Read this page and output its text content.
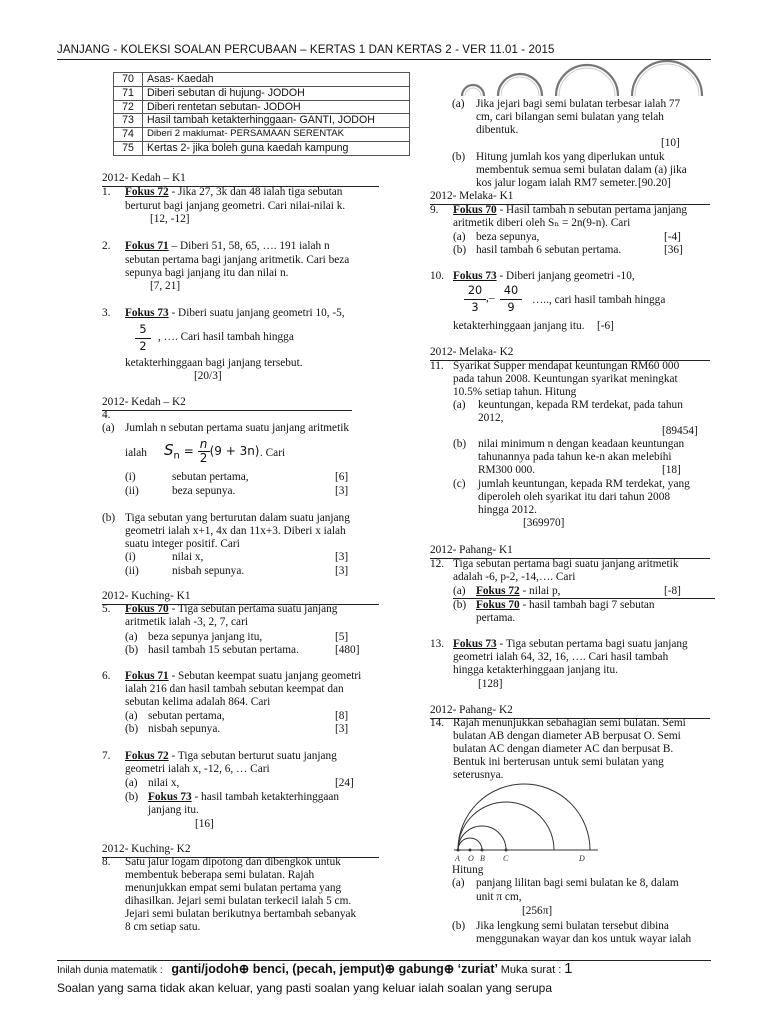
JANJANG - KOLEKSI SOALAN PERCUBAAN – KERTAS 1 DAN KERTAS 2 - VER 11.01 - 2015
70	Asas- Kaedah
71	Diberi sebutan di hujung- JODOH
72	Diberi rentetan sebutan- JODOH
73	Hasil tambah ketakterhinggaan- GANTI, JODOH
74	Diberi 2 maklumat- PERSAMAAN SERENTAK
75	Kertas 2- jika boleh guna kaedah kampung
2012- Kedah – K1
1. Fokus 72 - Jika 27, 3k dan 48 ialah tiga sebutan
berturut bagi janjang geometri. Cari nilai-nilai k.
[12, -12]
2. Fokus 71 – Diberi 51, 58, 65, …. 191 ialah n
sebutan pertama bagi janjang aritmetik. Cari beza
sepunya bagi janjang itu dan nilai n.
[7, 21]
3. Fokus 73 - Diberi suatu janjang geometri 10, -5,
$\frac{5}{2}$ , …. Cari hasil tambah hingga
ketakterhinggaan bagi janjang tersebut.
[20/3]
2012- Kedah – K2
4.
(a) Jumlah n sebutan pertama suatu janjang aritmetik
ialah $S_n = \frac{n}{2} (9 + 3n)$ . Cari
(i)	sebutan pertama,	[6]
(ii)	beza sepunya.	[3]
(b) Tiga sebutan yang berturutan dalam suatu janjang
geometri ialah x+1, 4x dan 11x+3. Diberi x ialah
suatu integer positif. Cari
(i)	nilai x,	[3]
(ii)	nisbah sepunya.	[3]
2012- Kuching- K1
5. Fokus 70 - Tiga sebutan pertama suatu janjang
aritmetik ialah -3, 2, 7, cari
(a) beza sepunya janjang itu,	[5]
(b) hasil tambah 15 sebutan pertama.	[480]
6. Fokus 71 - Sebutan keempat suatu janjang geometri
ialah 216 dan hasil tambah sebutan keempat dan
sebutan kelima adalah 864. Cari
(a) sebutan pertama,	[8]
(b) nisbah sepunya.	[3]
7. Fokus 72 - Tiga sebutan berturut suatu janjang
geometri ialah x, -12, 6, … Cari
(a) nilai x,	[24]
(b) Fokus 73 - hasil tambah ketakterhinggaan
janjang itu.
[16]
2012- Kuching- K2
8. Satu jalur logam dipotong dan dibengkok untuk
membentuk beberapa semi bulatan. Rajah
menunjukkan empat semi bulatan pertama yang
dihasilkan. Jejari semi bulatan terkecil ialah 5 cm.
Jejari semi bulatan berikutnya bertambah sebanyak
8 cm setiap satu.
(a)	Jika jejari bagi semi bulatan terbesar ialah 77
cm, cari bilangan semi bulatan yang telah
dibentuk.
[10]
(b) Hitung jumlah kos yang diperlukan untuk
membentuk semua semi bulatan dalam (a) jika
kos jalur logam ialah RM7 semeter. [90.20]
2012- Melaka- K1
9. Fokus 70 - Hasil tambah n sebutan pertama janjang
aritmetik diberi oleh Sₙ = 2n(9-n). Cari
(a) beza sepunya,	[-4]
(b) hasil tambah 6 sebutan pertama.	[36]
10. Fokus 73 - Diberi janjang geometri -10,
$\frac{20}{3}$ ,– $\frac{40}{9}$ ….., cari hasil tambah hingga
ketakterhinggaan janjang itu. [-6]
2012- Melaka- K2
11. Syarikat Supper mendapat keuntungan RM60 000
pada tahun 2008. Keuntungan syarikat meningkat
10.5% setiap tahun. Hitung
(a) keuntungan, kepada RM terdekat, pada tahun
2012,
[89454]
(b) nilai minimum n dengan keadaan keuntungan
tahunannya pada tahun ke-n akan melebihi
RM300 000.	[18]
(c) jumlah keuntungan, kepada RM terdekat, yang
diperoleh oleh syarikat itu dari tahun 2008
hingga 2012.
[369970]
2012- Pahang- K1
12. Tiga sebutan pertama bagi suatu janjang aritmetik
adalah -6, p-2, -14,…. Cari
(a) Fokus 72 - nilai p,	[-8]
(b) Fokus 70 - hasil tambah bagi 7 sebutan
pertama.
13. Fokus 73 - Tiga sebutan pertama bagi suatu janjang
geometri ialah 64, 32, 16, …. Cari hasil tambah
hingga ketakterhinggaan janjang itu.
[128]
2012- Pahang- K2
14. Rajah menunjukkan sebahagian semi bulatan. Semi
bulatan AB dengan diameter AB berpusat O. Semi
bulatan AC dengan diameter AC dan berpusat B.
Bentuk ini berterusan untuk semi bulatan yang
seterusnya.
A O B C	D
Hitung
(a) panjang lilitan bagi semi bulatan ke 8, dalam
unit π cm,
[256π]
(b) Jika lengkung semi bulatan tersebut dibina
menggunakan wayar dan kos untuk wayar ialah
Inilah dunia matematik : ganti/jodoh⊕ benci, (pecah, jemput)⊕ gabung⊕ ‘zuriat’ Muka surat : 1
Soalan yang sama tidak akan keluar, yang pasti soalan yang keluar ialah soalan yang serupa
